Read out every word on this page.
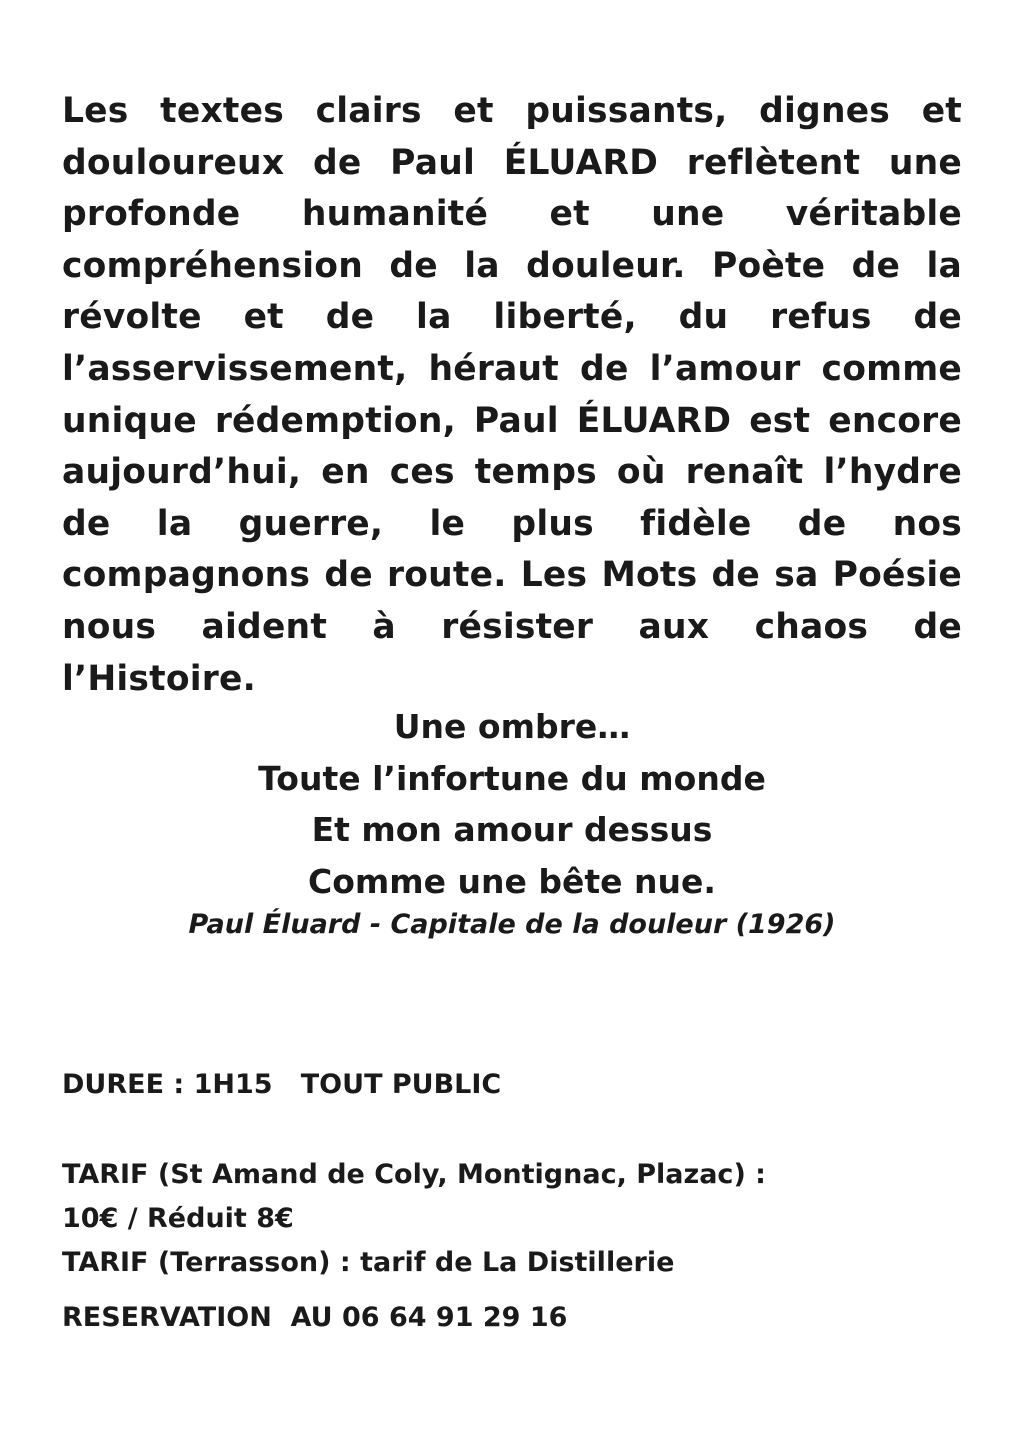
Les textes clairs et puissants, dignes et douloureux de Paul ÉLUARD reflètent une profonde humanité et une véritable compréhension de la douleur. Poète de la révolte et de la liberté, du refus de l’asservissement, héraut de l’amour comme unique rédemption, Paul ÉLUARD est encore aujourd’hui, en ces temps où renaît l’hydre de la guerre, le plus fidèle de nos compagnons de route. Les Mots de sa Poésie nous aident à résister aux chaos de l’Histoire.

Une ombre…
Toute l’infortune du monde
Et mon amour dessus
Comme une bête nue.
Paul Éluard - Capitale de la douleur (1926)
DUREE : 1H15   TOUT PUBLIC
TARIF (St Amand de Coly, Montignac, Plazac) :
10€ / Réduit 8€
TARIF (Terrasson) : tarif de La Distillerie
RESERVATION  AU 06 64 91 29 16
